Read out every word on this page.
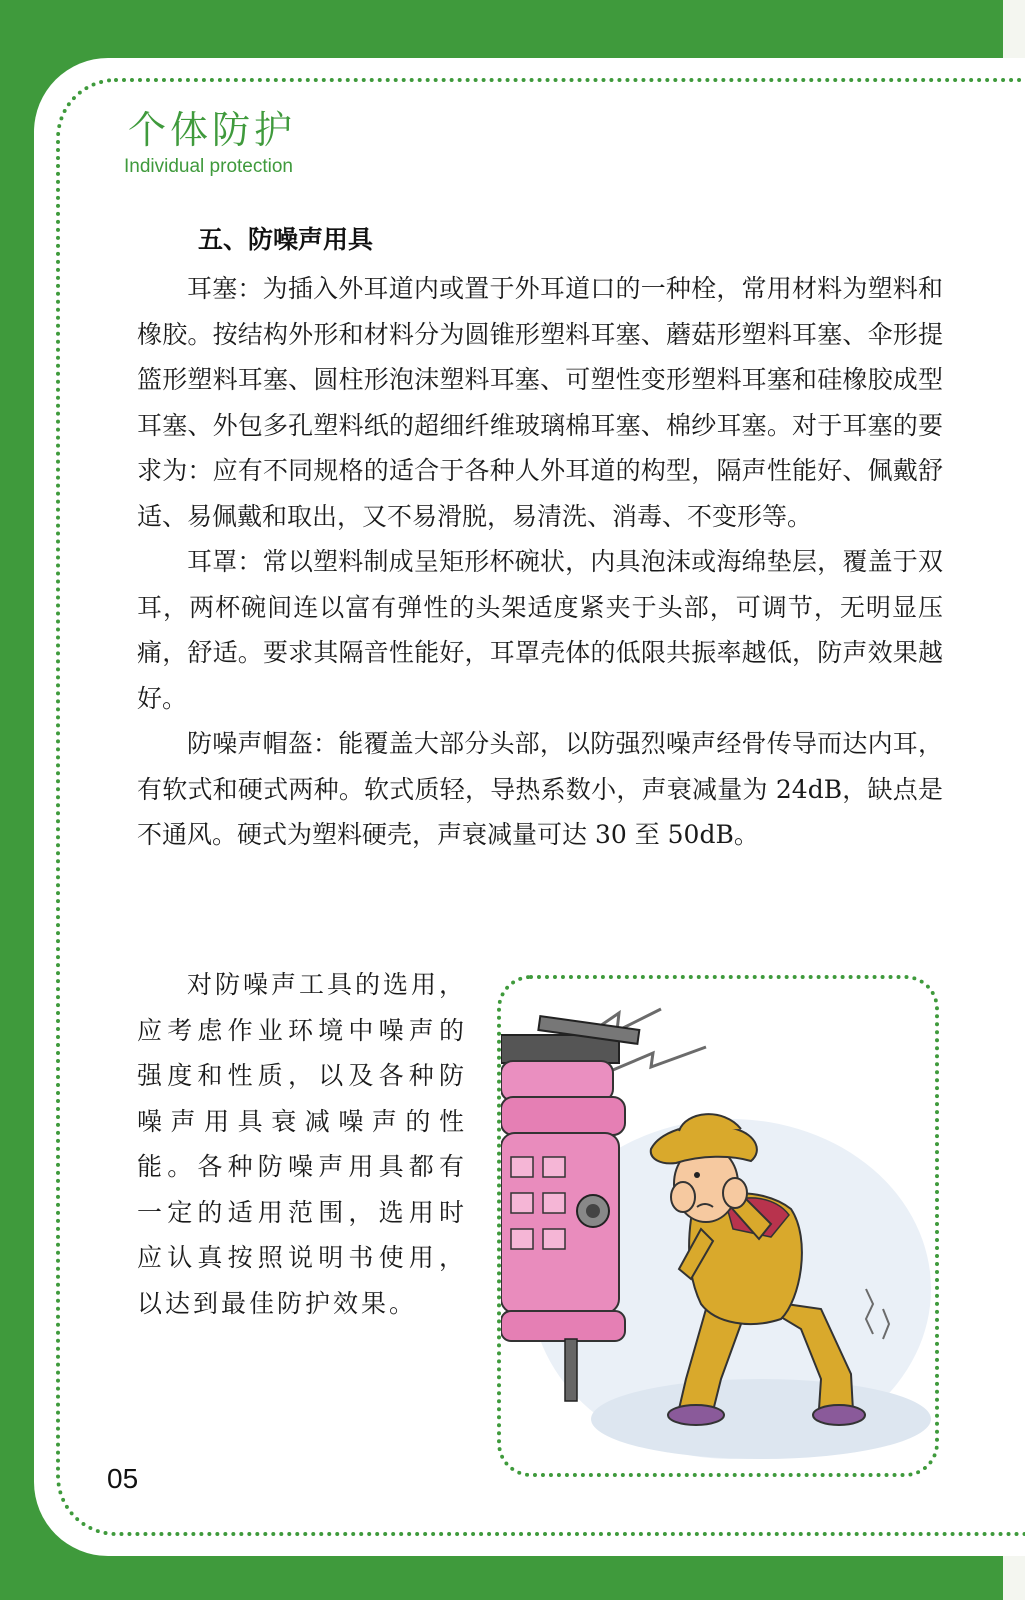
个体防护
Individual protection
五、防噪声用具

耳塞：为插入外耳道内或置于外耳道口的一种栓，常用材料为塑料和橡胶。按结构外形和材料分为圆锥形塑料耳塞、蘑菇形塑料耳塞、伞形提篮形塑料耳塞、圆柱形泡沫塑料耳塞、可塑性变形塑料耳塞和硅橡胶成型耳塞、外包多孔塑料纸的超细纤维玻璃棉耳塞、棉纱耳塞。对于耳塞的要求为：应有不同规格的适合于各种人外耳道的构型，隔声性能好、佩戴舒适、易佩戴和取出，又不易滑脱，易清洗、消毒、不变形等。

耳罩：常以塑料制成呈矩形杯碗状，内具泡沫或海绵垫层，覆盖于双耳，两杯碗间连以富有弹性的头架适度紧夹于头部，可调节，无明显压痛，舒适。要求其隔音性能好，耳罩壳体的低限共振率越低，防声效果越好。

防噪声帽盔：能覆盖大部分头部，以防强烈噪声经骨传导而达内耳，有软式和硬式两种。软式质轻，导热系数小，声衰减量为 24dB，缺点是不通风。硬式为塑料硬壳，声衰减量可达 30 至 50dB。

对防噪声工具的选用，应考虑作业环境中噪声的强度和性质，以及各种防噪声用具衰减噪声的性能。各种防噪声用具都有一定的适用范围，选用时应认真按照说明书使用，以达到最佳防护效果。

05
